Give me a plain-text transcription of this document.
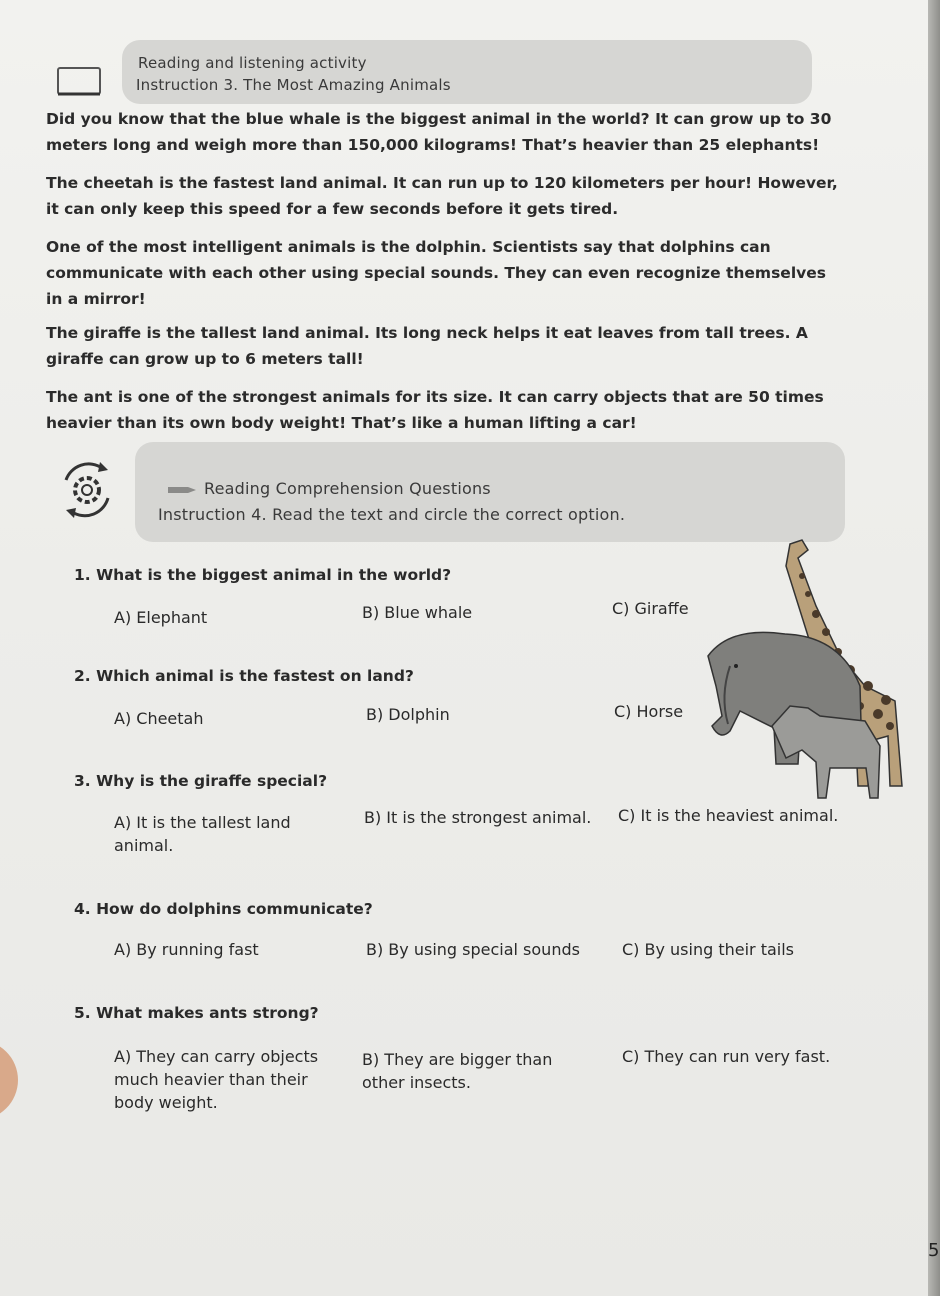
Reading and listening activity
Instruction 3. The Most Amazing Animals
Did you know that the blue whale is the biggest animal in the world? It can grow up to 30 meters long and weigh more than 150,000 kilograms! That’s heavier than 25 elephants!
The cheetah is the fastest land animal. It can run up to 120 kilometers per hour! However, it can only keep this speed for a few seconds before it gets tired.
One of the most intelligent animals is the dolphin. Scientists say that dolphins can communicate with each other using special sounds. They can even recognize themselves in a mirror!
The giraffe is the tallest land animal. Its long neck helps it eat leaves from tall trees. A giraffe can grow up to 6 meters tall!
The ant is one of the strongest animals for its size. It can carry objects that are 50 times heavier than its own body weight! That’s like a human lifting a car!
Reading Comprehension Questions
Instruction 4. Read the text and circle the correct option.
1. What is the biggest animal in the world?
A) Elephant	B) Blue whale	C) Giraffe
2. Which animal is the fastest on land?
A) Cheetah	B) Dolphin	C) Horse
3. Why is the giraffe special?
A) It is the tallest land animal.
B) It is the strongest animal. C) It is the heaviest animal.
4. How do dolphins communicate?
A) By running fast	B) By using special sounds	C) By using their tails
5. What makes ants strong?
A) They can carry objects much heavier than their body weight.
B) They are bigger than other insects.
C) They can run very fast.
5
